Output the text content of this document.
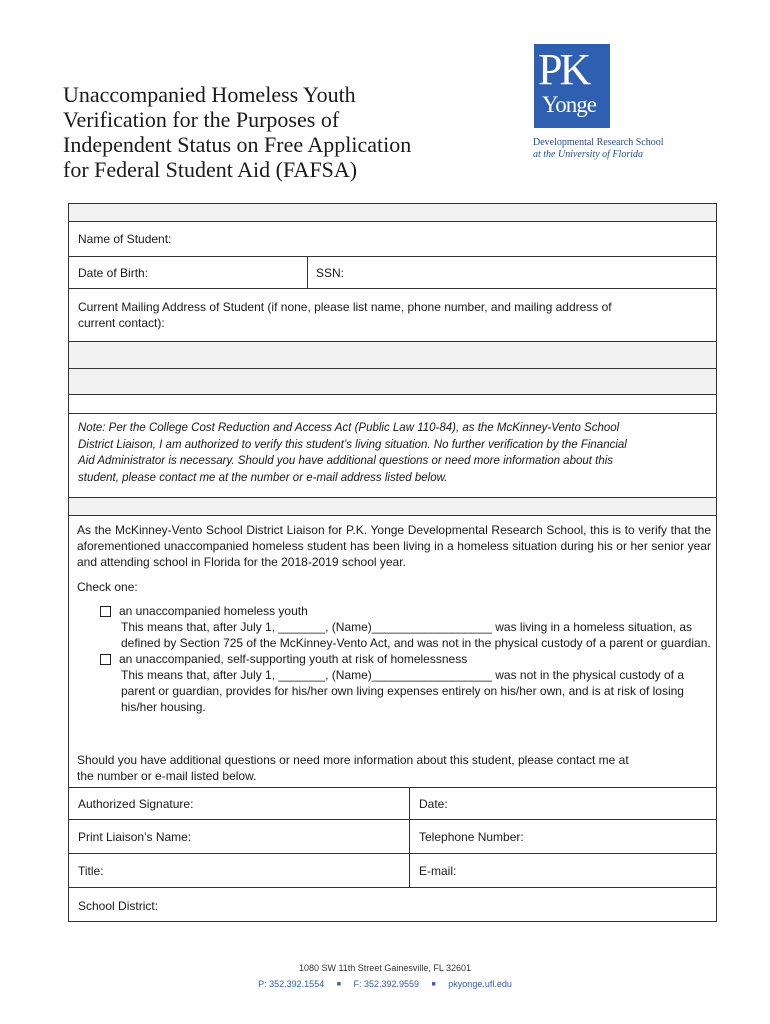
Unaccompanied Homeless Youth
Verification for the Purposes of
Independent Status on Free Application
for Federal Student Aid (FAFSA)
PK
Yonge
Developmental Research School
at the University of Florida
Name of Student:
Date of Birth:	SSN:
Current Mailing Address of Student (if none, please list name, phone number, and mailing address of
current contact):
Note: Per the College Cost Reduction and Access Act (Public Law 110-84), as the McKinney-Vento School
District Liaison, I am authorized to verify this student’s living situation. No further verification by the Financial
Aid Administrator is necessary. Should you have additional questions or need more information about this
student, please contact me at the number or e-mail address listed below.

As the McKinney-Vento School District Liaison for P.K. Yonge Developmental Research School, this is to verify that the aforementioned unaccompanied homeless student has been living in a homeless situation during his or her senior year and attending school in Florida for the 2018-2019 school year.

Check one:

an unaccompanied homeless youth
This means that, after July 1, _______, (Name)__________________ was living in a homeless situation, as defined by Section 725 of the McKinney-Vento Act, and was not in the physical custody of a parent or guardian.
an unaccompanied, self-supporting youth at risk of homelessness
This means that, after July 1, _______, (Name)__________________ was not in the physical custody of a parent or guardian, provides for his/her own living expenses entirely on his/her own, and is at risk of losing his/her housing.
Should you have additional questions or need more information about this student, please contact me at
the number or e-mail listed below.
Authorized Signature:	Date:
Print Liaison’s Name:	Telephone Number:
Title:	E-mail:
School District:
1080 SW 11th Street Gainesville, FL 32601
P: 352.392.1554 ■ F: 352.392.9559 ■ pkyonge.ufl.edu
